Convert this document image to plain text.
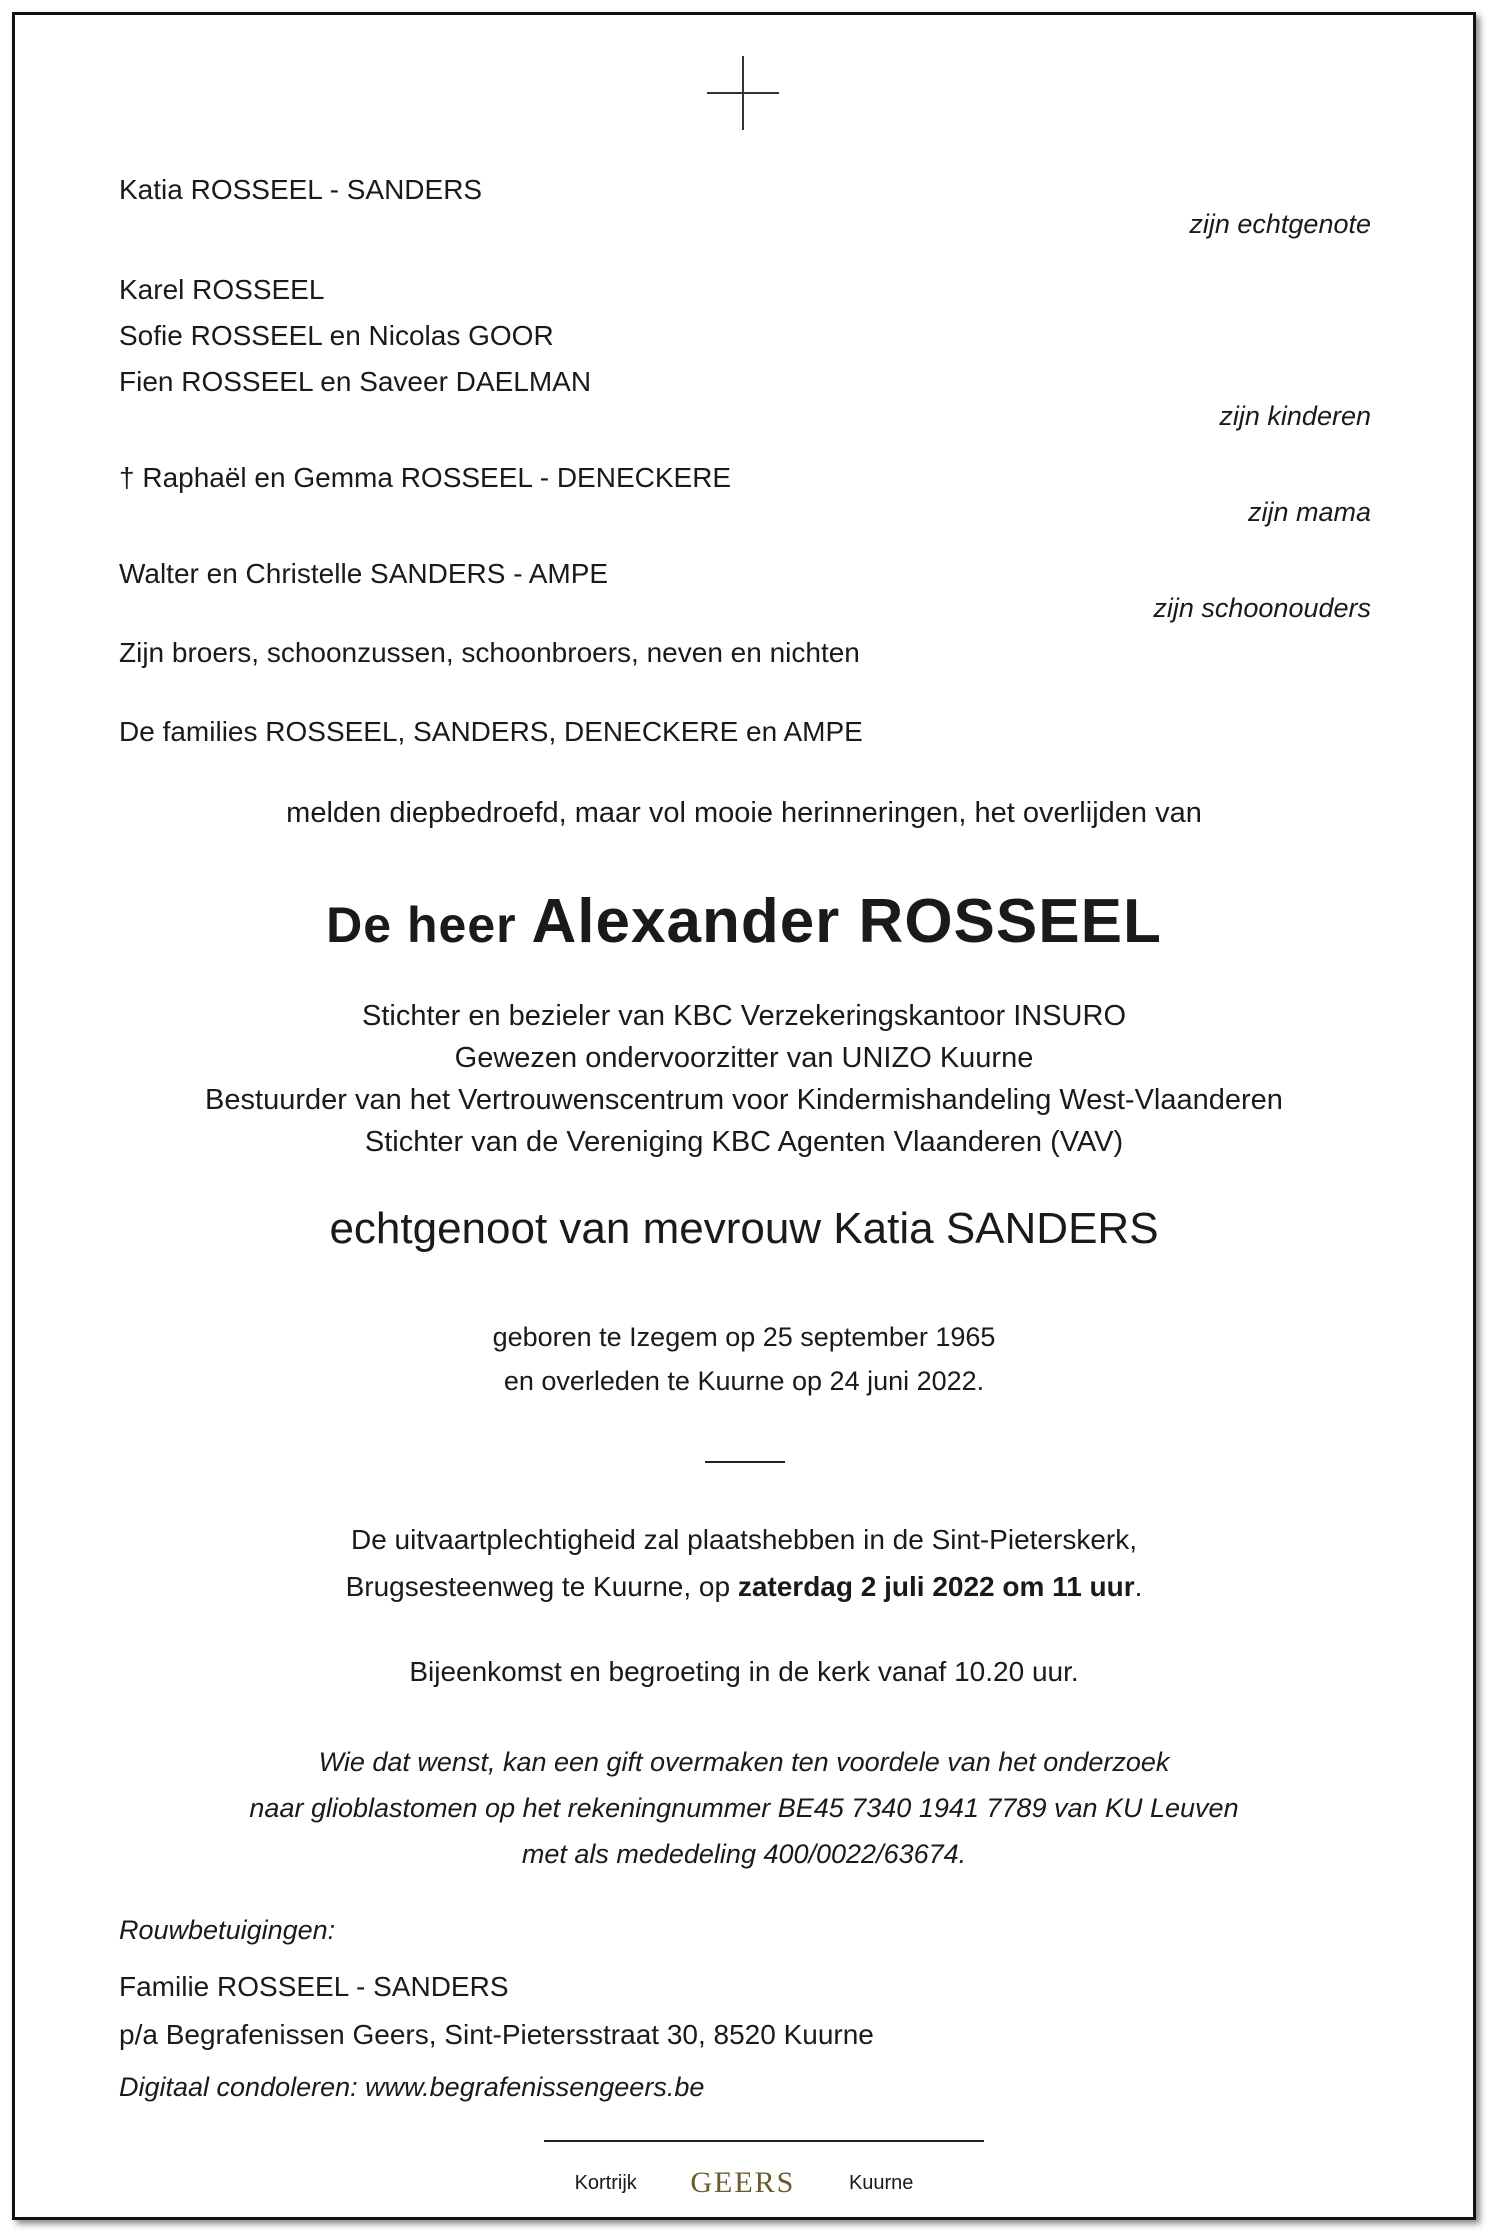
Katia ROSSEEL - SANDERS
zijn echtgenote
Karel ROSSEEL
Sofie ROSSEEL en Nicolas GOOR
Fien ROSSEEL en Saveer DAELMAN
zijn kinderen
† Raphaël en Gemma ROSSEEL - DENECKERE
zijn mama
Walter en Christelle SANDERS - AMPE
zijn schoonouders
Zijn broers, schoonzussen, schoonbroers, neven en nichten
De families ROSSEEL, SANDERS, DENECKERE en AMPE
melden diepbedroefd, maar vol mooie herinneringen, het overlijden van
De heer Alexander ROSSEEL
Stichter en bezieler van KBC Verzekeringskantoor INSURO
Gewezen ondervoorzitter van UNIZO Kuurne
Bestuurder van het Vertrouwenscentrum voor Kindermishandeling West-Vlaanderen
Stichter van de Vereniging KBC Agenten Vlaanderen (VAV)
echtgenoot van mevrouw Katia SANDERS
geboren te Izegem op 25 september 1965
en overleden te Kuurne op 24 juni 2022.
De uitvaartplechtigheid zal plaatshebben in de Sint-Pieterskerk,
Brugsesteenweg te Kuurne, op zaterdag 2 juli 2022 om 11 uur.
Bijeenkomst en begroeting in de kerk vanaf 10.20 uur.
Wie dat wenst, kan een gift overmaken ten voordele van het onderzoek
naar glioblastomen op het rekeningnummer BE45 7340 1941 7789 van KU Leuven
met als mededeling 400/0022/63674.
Rouwbetuigingen:
Familie ROSSEEL - SANDERS
p/a Begrafenissen Geers, Sint-Pietersstraat 30, 8520 Kuurne
Digitaal condoleren: www.begrafenissengeers.be
Kortrijk GEERS	Kuurne
